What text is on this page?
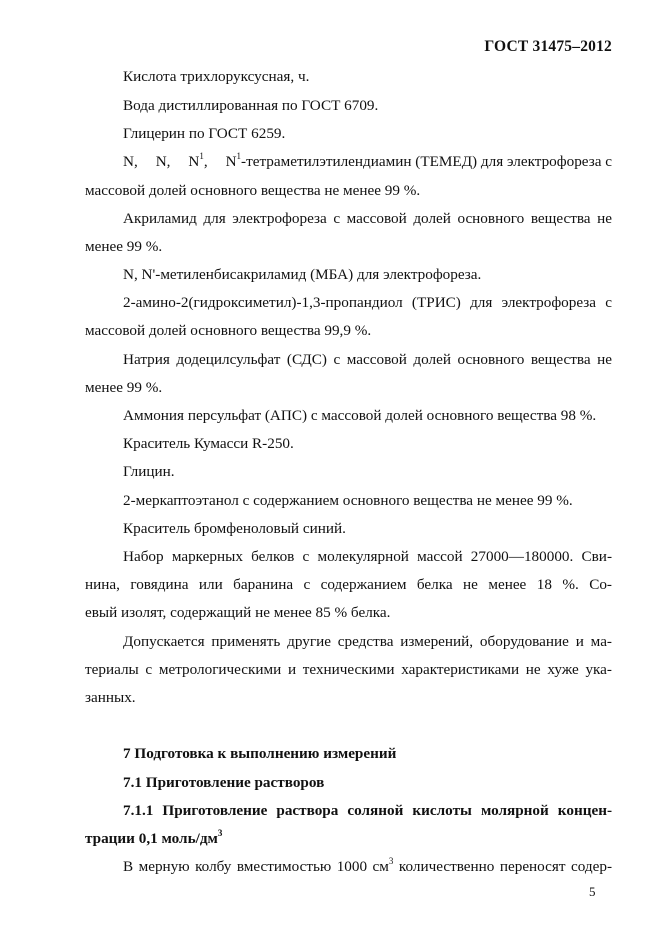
ГОСТ 31475–2012
Кислота трихлоруксусная, ч.
Вода дистиллированная по ГОСТ 6709.
Глицерин по ГОСТ 6259.
N, N, $N^1$, $N^1$-тетраметилэтилендиамин (ТЕМЕД) для электрофореза с
массовой долей основного вещества не менее 99 %.
Акриламид для электрофореза с массовой долей основного вещества не
менее 99 %.
N, N'-метиленбисакриламид (МБА) для электрофореза.
2-амино-2(гидроксиметил)-1,3-пропандиол (ТРИС) для электрофореза с
массовой долей основного вещества 99,9 %.
Натрия додецилсульфат (СДС) с массовой долей основного вещества не
менее 99 %.
Аммония персульфат (АПС) с массовой долей основного вещества 98 %.
Краситель Кумасси R-250.
Глицин.
2-меркаптоэтанол с содержанием основного вещества не менее 99 %.
Краситель бромфеноловый синий.
Набор маркерных белков с молекулярной массой 27000—180000. Сви-
нина, говядина или баранина с содержанием белка не менее 18 %. Со-
евый изолят, содержащий не менее 85 % белка.
Допускается применять другие средства измерений, оборудование и ма-
териалы с метрологическими и техническими характеристиками не хуже ука-
занных.
7 Подготовка к выполнению измерений
7.1 Приготовление растворов
7.1.1 Приготовление раствора соляной кислоты молярной концен-
трации 0,1 моль/$дм^3$
В мерную колбу вместимостью 1000 $см^3$ количественно переносят содер-
5
